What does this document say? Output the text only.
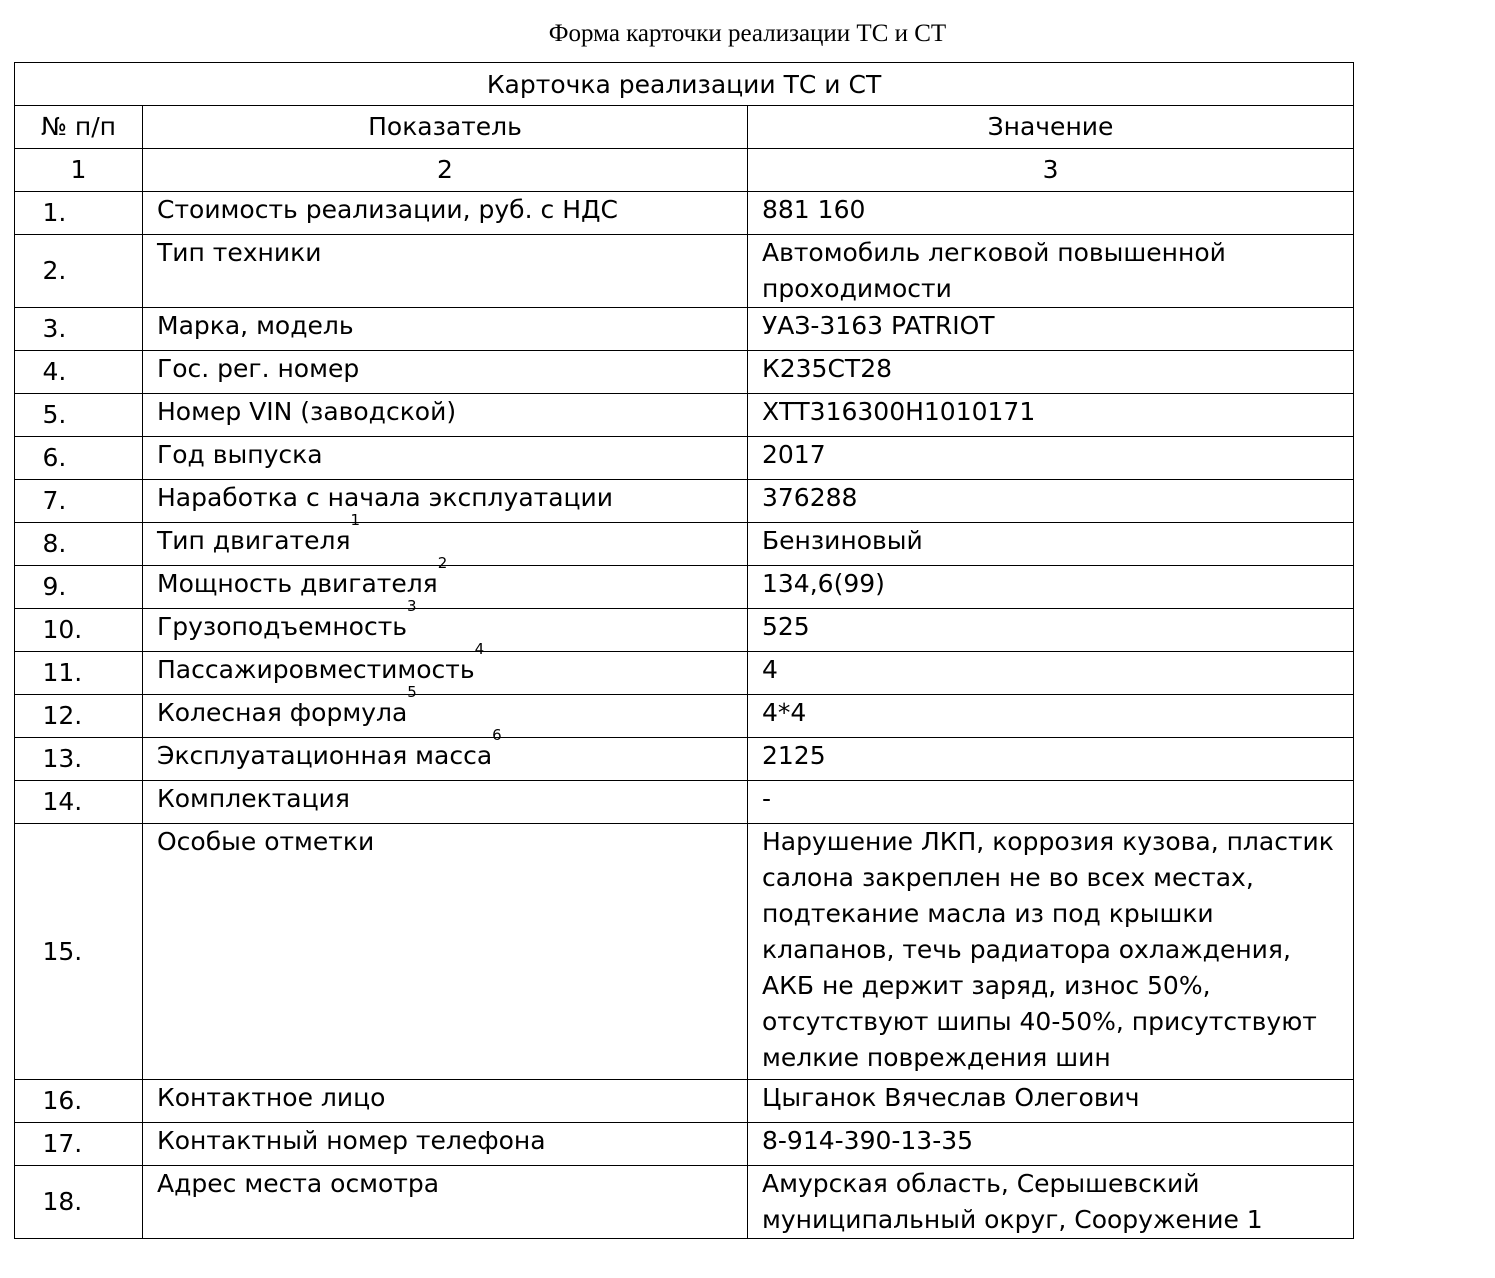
Форма карточки реализации ТС и СТ
Карточка реализации ТС и СТ		
№ п/п	Показатель	Значение
1	2	3
1.	Стоимость реализации, руб. с НДС	881 160
2.	Тип техники	Автомобиль легковой повышенной проходимости
3.	Марка, модель	УАЗ-3163 PATRIOT
4.	Гос. рег. номер	К235СТ28
5.	Номер VIN (заводской)	ХТТ316300Н1010171
6.	Год выпуска	2017
7.	Наработка с начала эксплуатации	376288
8.	Тип двигателя$^1$	Бензиновый
9.	Мощность двигателя$^2$	134,6(99)
10.	Грузоподъемность$^3$	525
11.	Пассажировместимость$^4$	4
12.	Колесная формула$^5$	4*4
13.	Эксплуатационная масса$^6$	2125
14.	Комплектация	-
15.	Особые отметки	Нарушение ЛКП, коррозия кузова, пластик салона закреплен не во всех местах, подтекание масла из под крышки клапанов, течь радиатора охлаждения, АКБ не держит заряд, износ 50%, отсутствуют шипы 40-50%, присутствуют мелкие повреждения шин
16.	Контактное лицо	Цыганок Вячеслав Олегович
17.	Контактный номер телефона	8-914-390-13-35
18.	Адрес места осмотра	Амурская область, Серышевский муниципальный округ, Сооружение 1
